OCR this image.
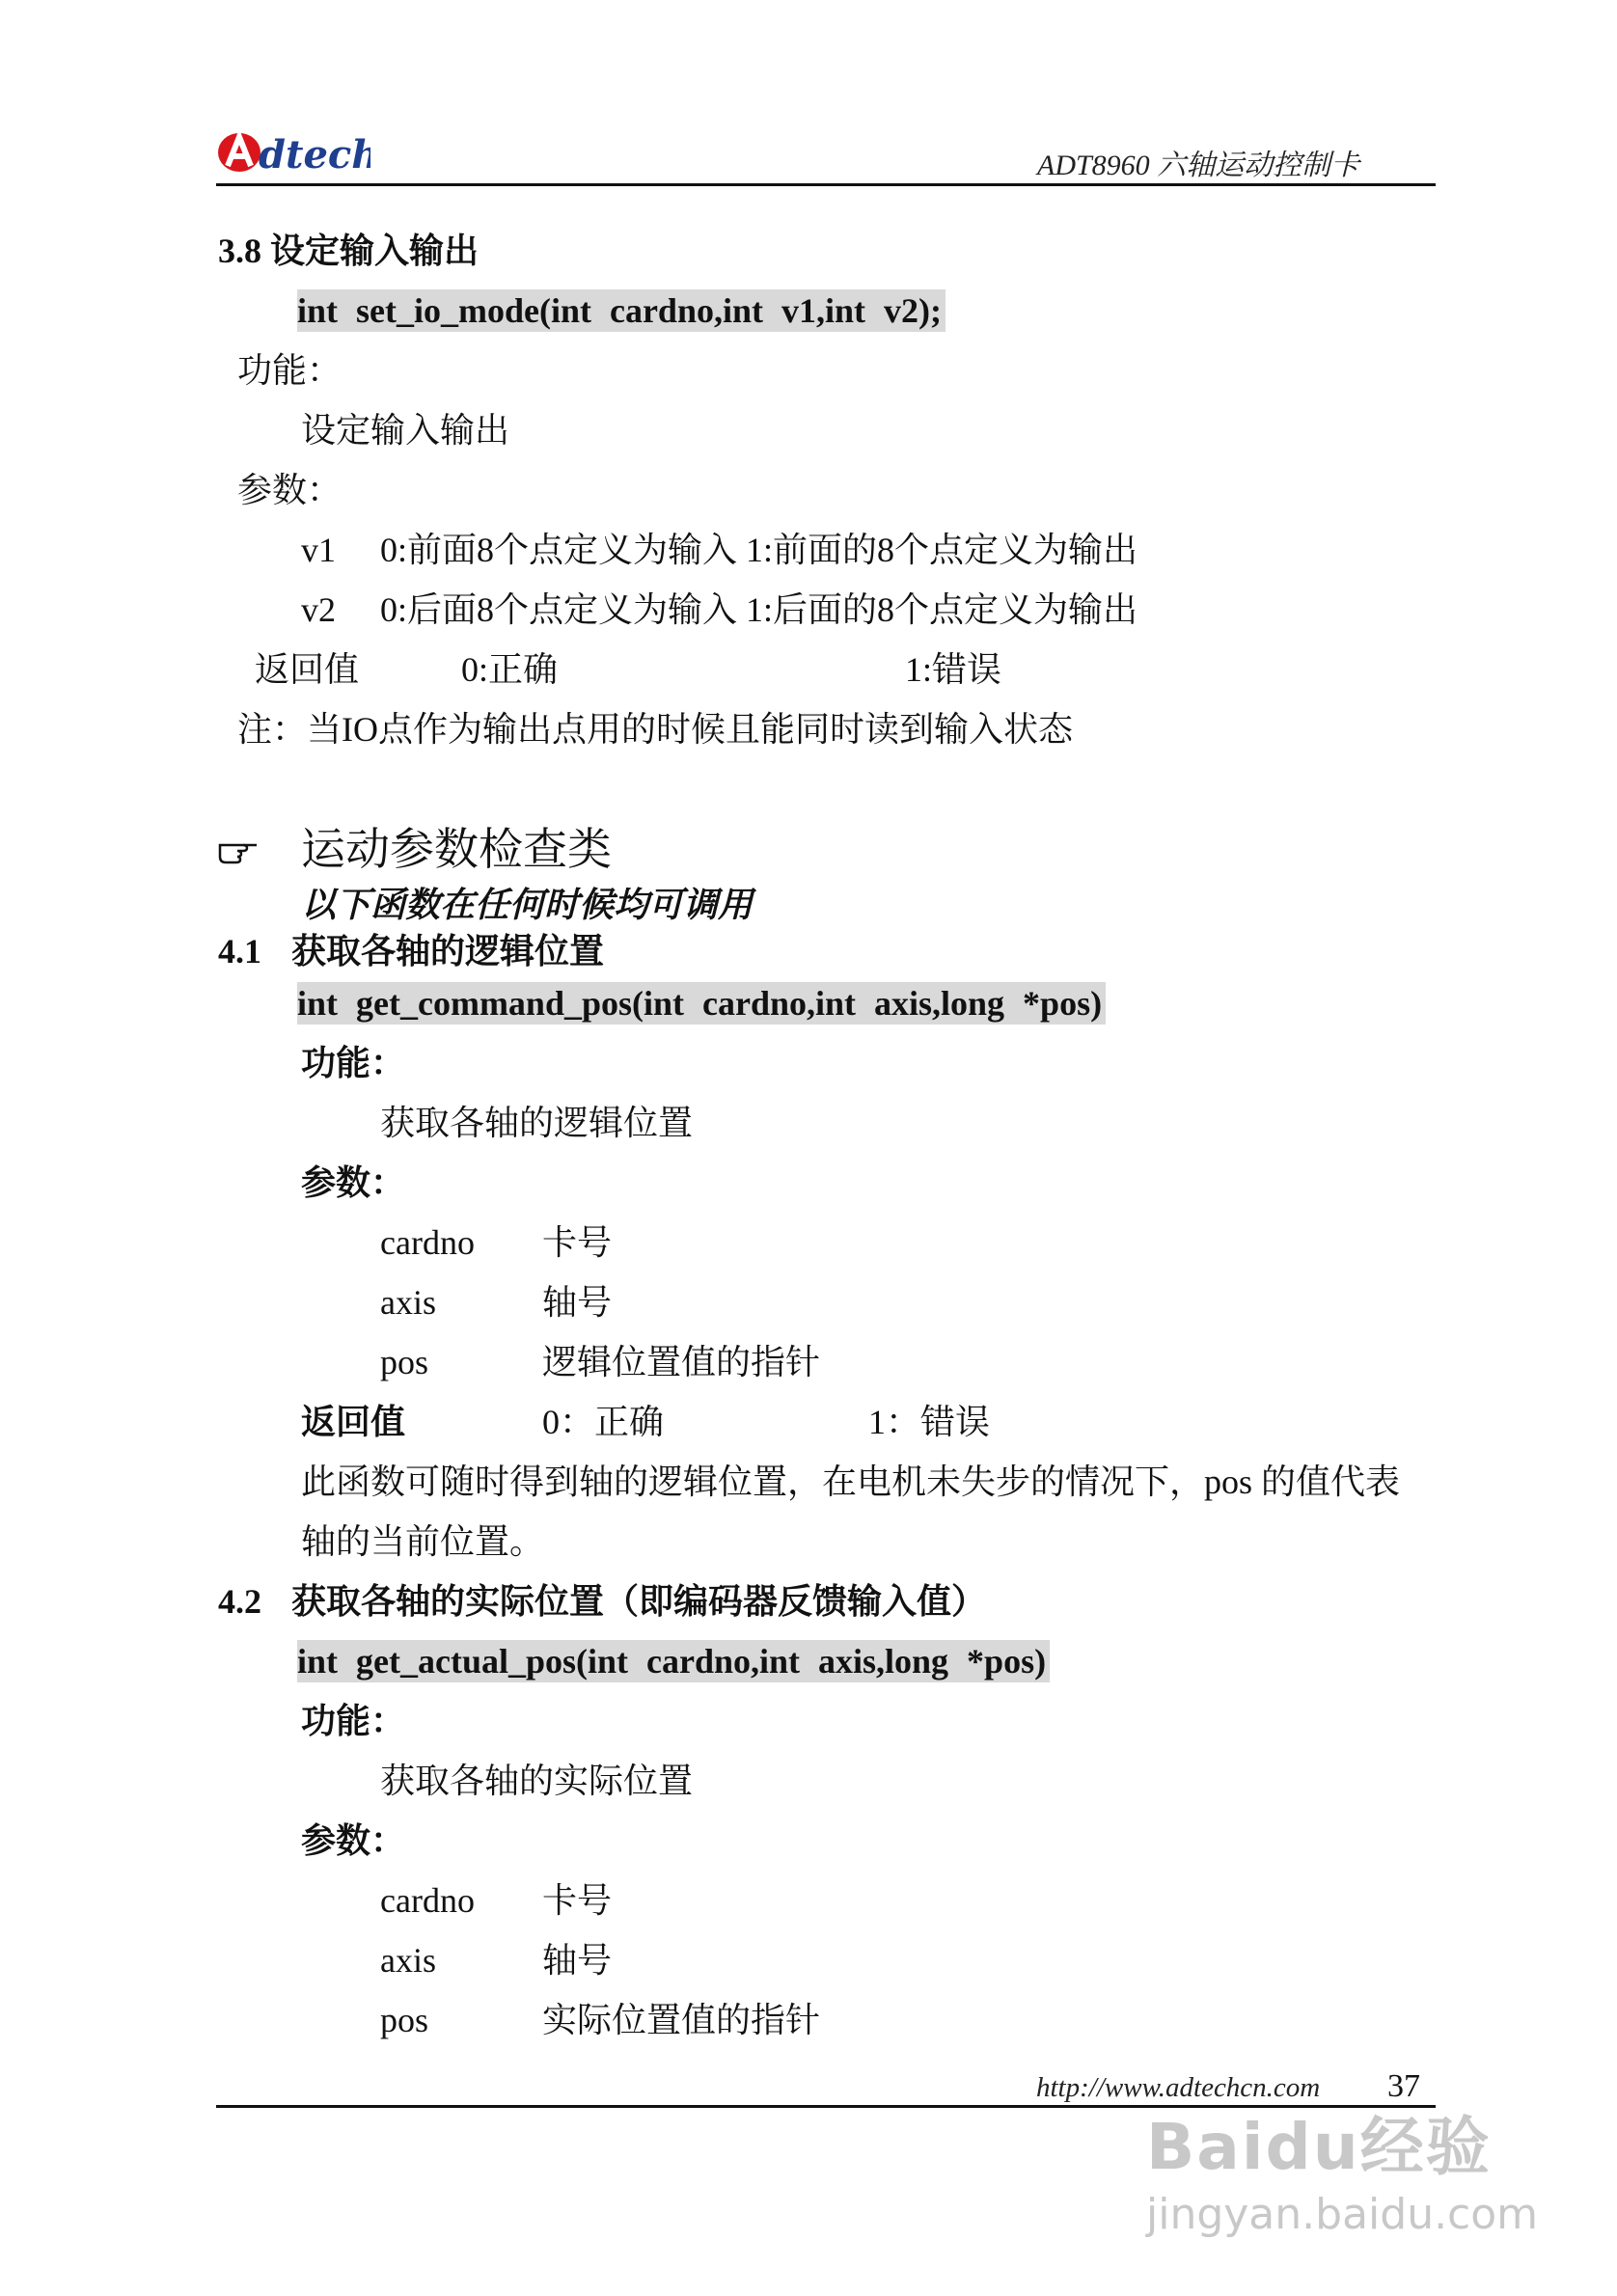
dtech	ADT8960 六轴运动控制卡
3.8 设定输入输出
int set_io_mode(int cardno,int v1,int v2);
功能：
设定输入输出
参数：
v1 0:前面8个点定义为输入 1:前面的8个点定义为输出
v2 0:后面8个点定义为输入 1:后面的8个点定义为输出
返回值	0:正确	1:错误
注：当IO点作为输出点用的时候且能同时读到输入状态
运动参数检查类
以下函数在任何时候均可调用
4.1 获取各轴的逻辑位置
int get_command_pos(int cardno,int axis,long *pos)
功能：
获取各轴的逻辑位置
参数：
cardno 卡号
axis	轴号
pos	逻辑位置值的指针
返回值	0：正确	1：错误
此函数可随时得到轴的逻辑位置，在电机未失步的情况下，pos 的值代表
轴的当前位置。
4.2 获取各轴的实际位置（即编码器反馈输入值）
int get_actual_pos(int cardno,int axis,long *pos)
功能：
获取各轴的实际位置
参数：
cardno 卡号
axis	轴号
pos	实际位置值的指针
http://www.adtechcn.com 37
Baidu经验
jingyan.baidu.com
